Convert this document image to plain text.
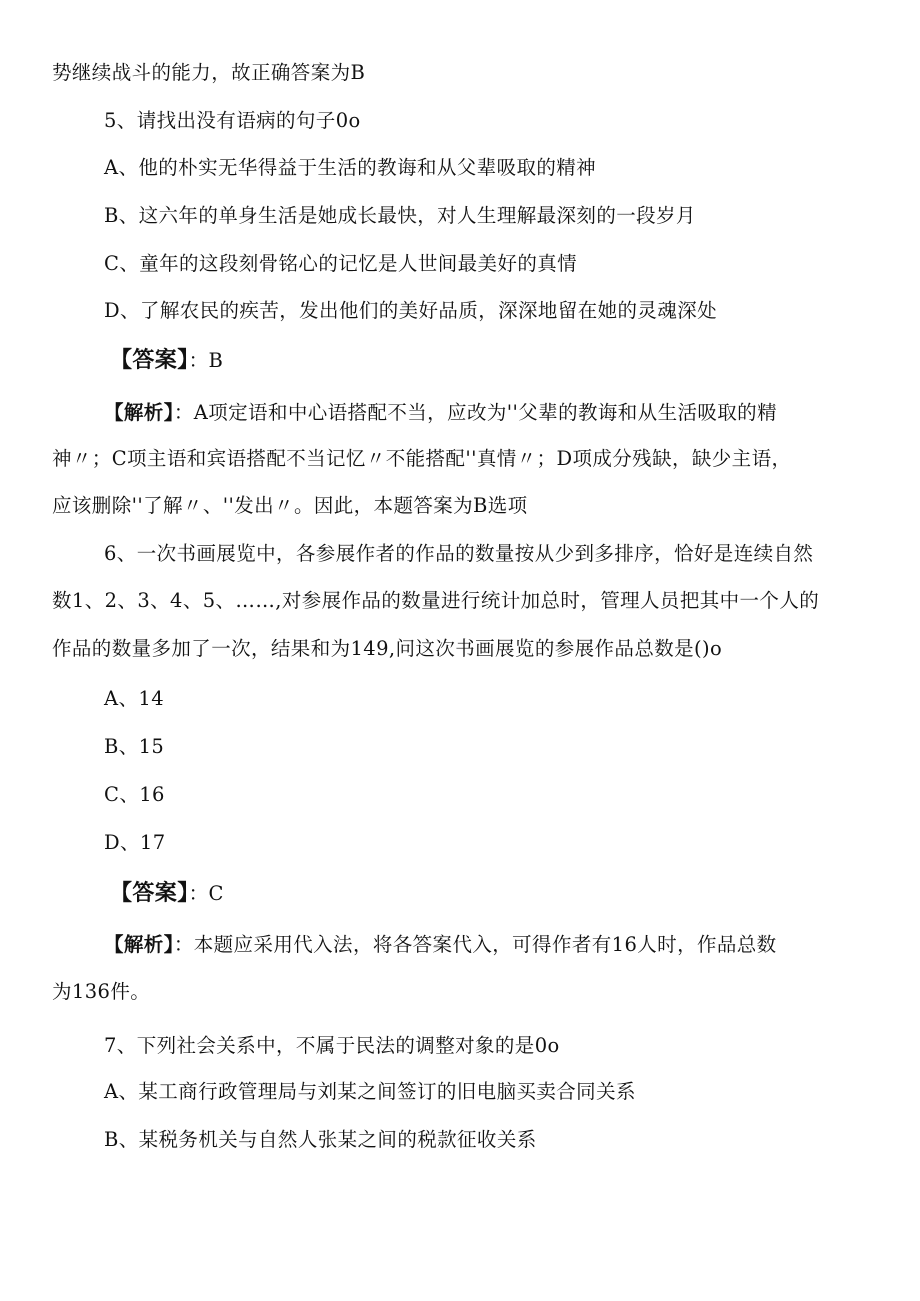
势继续战斗的能力，故正确答案为B
5、请找出没有语病的句子0o
A、他的朴实无华得益于生活的教诲和从父辈吸取的精神
B、这六年的单身生活是她成长最快，对人生理解最深刻的一段岁月
C、童年的这段刻骨铭心的记忆是人世间最美好的真情
D、了解农民的疾苦，发出他们的美好品质，深深地留在她的灵魂深处
【答案】：B
【解析】：A项定语和中心语搭配不当，应改为''父辈的教诲和从生活吸取的精
神〃；C项主语和宾语搭配不当记忆〃不能搭配''真情〃；D项成分残缺，缺少主语，
应该删除''了解〃、''发出〃。因此，本题答案为B选项
6、一次书画展览中，各参展作者的作品的数量按从少到多排序，恰好是连续自然
数1、2、3、4、5、……,对参展作品的数量进行统计加总时，管理人员把其中一个人的
作品的数量多加了一次，结果和为149,问这次书画展览的参展作品总数是()o
A、14
B、15
C、16
D、17
【答案】：C
【解析】：本题应采用代入法，将各答案代入，可得作者有16人时，作品总数
为136件。
7、下列社会关系中，不属于民法的调整对象的是0o
A、某工商行政管理局与刘某之间签订的旧电脑买卖合同关系
B、某税务机关与自然人张某之间的税款征收关系
